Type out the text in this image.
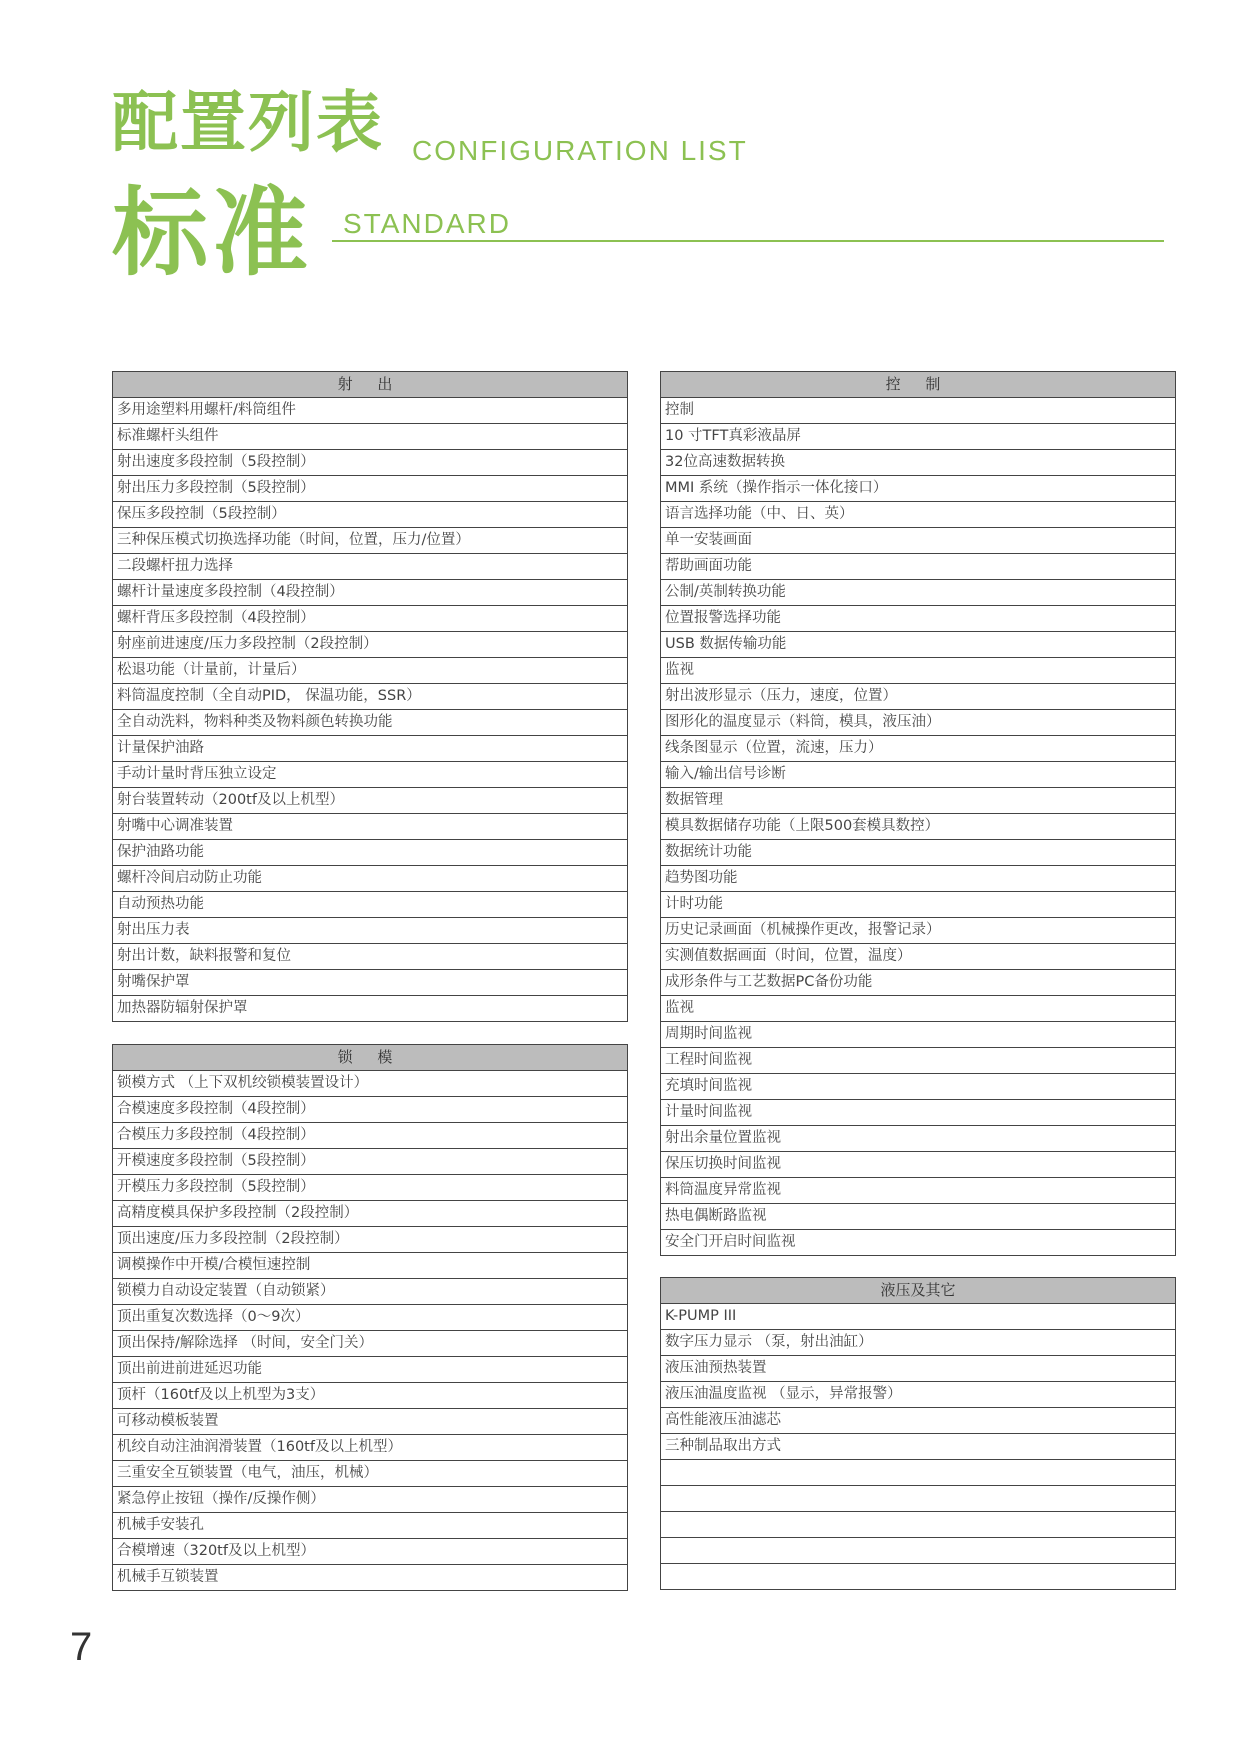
配置列表 CONFIGURATION LIST
标准 STANDARD
射 出
多用途塑料用螺杆/料筒组件
标准螺杆头组件
射出速度多段控制（5段控制）
射出压力多段控制（5段控制）
保压多段控制（5段控制）
三种保压模式切换选择功能（时间，位置，压力/位置）
二段螺杆扭力选择
螺杆计量速度多段控制（4段控制）
螺杆背压多段控制（4段控制）
射座前进速度/压力多段控制（2段控制）
松退功能（计量前，计量后）
料筒温度控制（全自动PID， 保温功能，SSR）
全自动洗料，物料种类及物料颜色转换功能
计量保护油路
手动计量时背压独立设定
射台装置转动（200tf及以上机型）
射嘴中心调准装置
保护油路功能
螺杆冷间启动防止功能
自动预热功能
射出压力表
射出计数，缺料报警和复位
射嘴保护罩
加热器防辐射保护罩
锁 模
锁模方式 （上下双机绞锁模装置设计）
合模速度多段控制（4段控制）
合模压力多段控制（4段控制）
开模速度多段控制（5段控制）
开模压力多段控制（5段控制）
高精度模具保护多段控制（2段控制）
顶出速度/压力多段控制（2段控制）
调模操作中开模/合模恒速控制
锁模力自动设定装置（自动锁紧）
顶出重复次数选择（0～9次）
顶出保持/解除选择 （时间，安全门关）
顶出前进前进延迟功能
顶杆（160tf及以上机型为3支）
可移动模板装置
机绞自动注油润滑装置（160tf及以上机型）
三重安全互锁装置（电气，油压，机械）
紧急停止按钮（操作/反操作侧）
机械手安装孔
合模增速（320tf及以上机型）
机械手互锁装置
控 制
控制
10 寸TFT真彩液晶屏
32位高速数据转换
MMI 系统（操作指示一体化接口）
语言选择功能（中、日、英）
单一安装画面
帮助画面功能
公制/英制转换功能
位置报警选择功能
USB 数据传输功能
监视
射出波形显示（压力，速度，位置）
图形化的温度显示（料筒，模具，液压油）
线条图显示（位置，流速，压力）
输入/输出信号诊断
数据管理
模具数据储存功能（上限500套模具数控）
数据统计功能
趋势图功能
计时功能
历史记录画面（机械操作更改，报警记录）
实测值数据画面（时间，位置，温度）
成形条件与工艺数据PC备份功能
监视
周期时间监视
工程时间监视
充填时间监视
计量时间监视
射出余量位置监视
保压切换时间监视
料筒温度异常监视
热电偶断路监视
安全门开启时间监视
液压及其它
K-PUMP III
数字压力显示 （泵，射出油缸）
液压油预热装置
液压油温度监视 （显示，异常报警）
高性能液压油滤芯
三种制品取出方式
7
